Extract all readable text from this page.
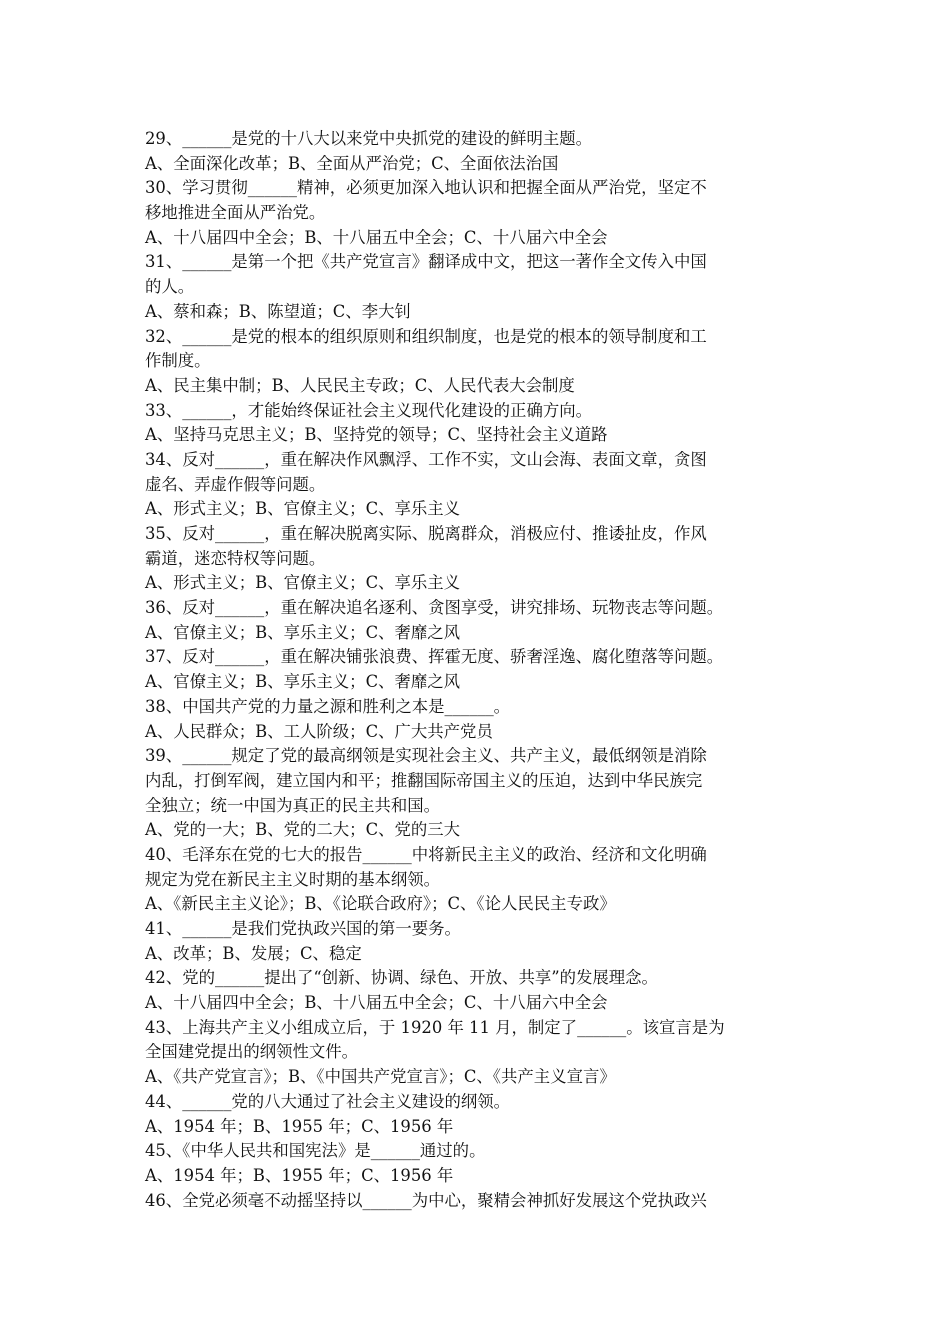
29、______是党的十八大以来党中央抓党的建设的鲜明主题。
A、全面深化改革；B、全面从严治党；C、全面依法治国
30、学习贯彻______精神，必须更加深入地认识和把握全面从严治党，坚定不
移地推进全面从严治党。
A、十八届四中全会；B、十八届五中全会；C、十八届六中全会
31、______是第一个把《共产党宣言》翻译成中文，把这一著作全文传入中国
的人。
A、蔡和森；B、陈望道；C、李大钊
32、______是党的根本的组织原则和组织制度，也是党的根本的领导制度和工
作制度。
A、民主集中制；B、人民民主专政；C、人民代表大会制度
33、______，才能始终保证社会主义现代化建设的正确方向。
A、坚持马克思主义；B、坚持党的领导；C、坚持社会主义道路
34、反对______，重在解决作风飘浮、工作不实，文山会海、表面文章，贪图
虚名、弄虚作假等问题。
A、形式主义；B、官僚主义；C、享乐主义
35、反对______，重在解决脱离实际、脱离群众，消极应付、推诿扯皮，作风
霸道，迷恋特权等问题。
A、形式主义；B、官僚主义；C、享乐主义
36、反对______，重在解决追名逐利、贪图享受，讲究排场、玩物丧志等问题。
A、官僚主义；B、享乐主义；C、奢靡之风
37、反对______，重在解决铺张浪费、挥霍无度、骄奢淫逸、腐化堕落等问题。
A、官僚主义；B、享乐主义；C、奢靡之风
38、中国共产党的力量之源和胜利之本是______。
A、人民群众；B、工人阶级；C、广大共产党员
39、______规定了党的最高纲领是实现社会主义、共产主义，最低纲领是消除
内乱，打倒军阀，建立国内和平；推翻国际帝国主义的压迫，达到中华民族完
全独立；统一中国为真正的民主共和国。
A、党的一大；B、党的二大；C、党的三大
40、毛泽东在党的七大的报告______中将新民主主义的政治、经济和文化明确
规定为党在新民主主义时期的基本纲领。
A、《新民主主义论》；B、《论联合政府》；C、《论人民民主专政》
41、______是我们党执政兴国的第一要务。
A、改革；B、发展；C、稳定
42、党的______提出了“创新、协调、绿色、开放、共享”的发展理念。
A、十八届四中全会；B、十八届五中全会；C、十八届六中全会
43、上海共产主义小组成立后，于 1920 年 11 月，制定了______。该宣言是为
全国建党提出的纲领性文件。
A、《共产党宣言》；B、《中国共产党宣言》；C、《共产主义宣言》
44、______党的八大通过了社会主义建设的纲领。
A、1954 年；B、1955 年；C、1956 年
45、《中华人民共和国宪法》是______通过的。
A、1954 年；B、1955 年；C、1956 年
46、全党必须毫不动摇坚持以______为中心，聚精会神抓好发展这个党执政兴
